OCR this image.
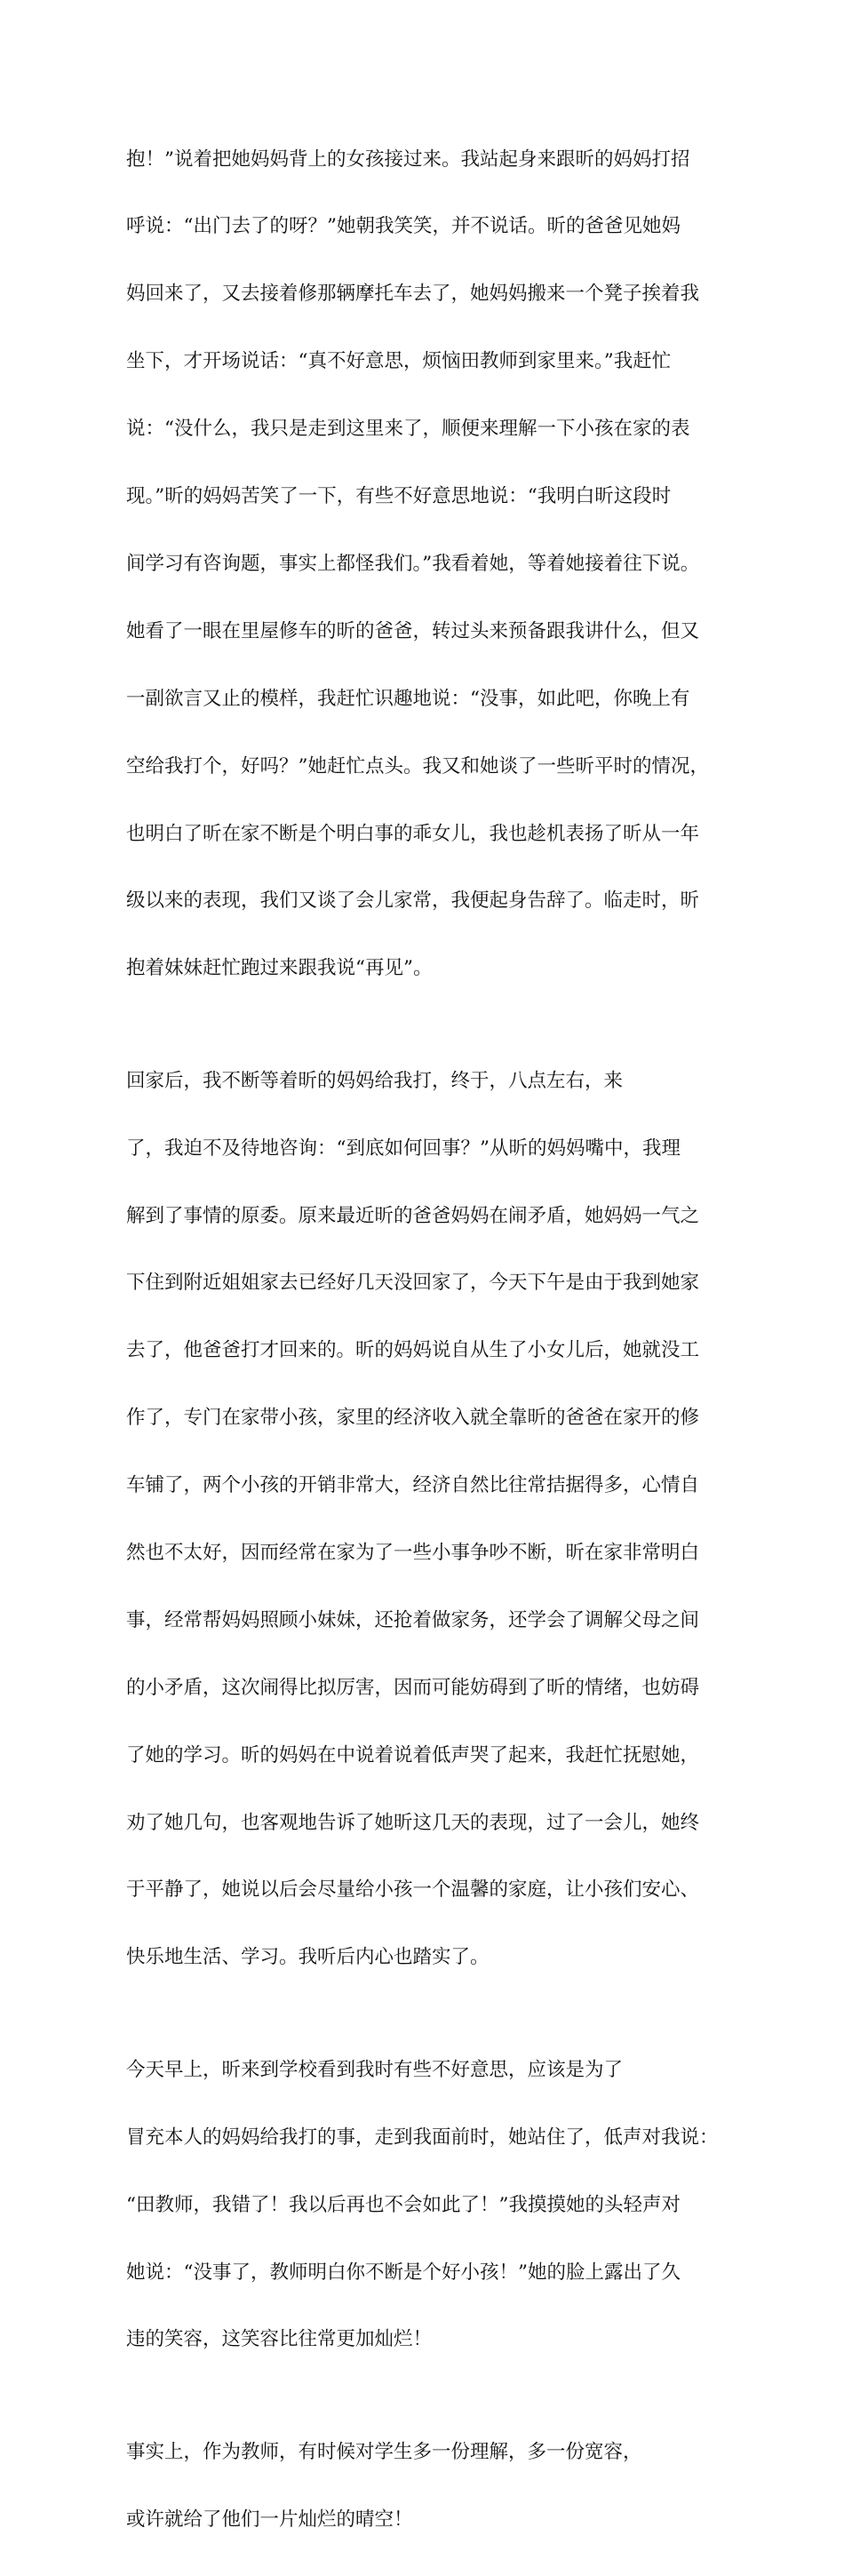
抱！”说着把她妈妈背上的女孩接过来。我站起身来跟昕的妈妈打招

呼说：“出门去了的呀？”她朝我笑笑，并不说话。昕的爸爸见她妈

妈回来了，又去接着修那辆摩托车去了，她妈妈搬来一个凳子挨着我

坐下，才开场说话：“真不好意思，烦恼田教师到家里来。”我赶忙

说：“没什么，我只是走到这里来了，顺便来理解一下小孩在家的表

现。”昕的妈妈苦笑了一下，有些不好意思地说：“我明白昕这段时

间学习有咨询题，事实上都怪我们。”我看着她，等着她接着往下说。

她看了一眼在里屋修车的昕的爸爸，转过头来预备跟我讲什么，但又

一副欲言又止的模样，我赶忙识趣地说：“没事，如此吧，你晚上有

空给我打个，好吗？”她赶忙点头。我又和她谈了一些昕平时的情况，

也明白了昕在家不断是个明白事的乖女儿，我也趁机表扬了昕从一年

级以来的表现，我们又谈了会儿家常，我便起身告辞了。临走时，昕

抱着妹妹赶忙跑过来跟我说“再见”。

回家后，我不断等着昕的妈妈给我打，终于，八点左右，来

了，我迫不及待地咨询：“到底如何回事？”从昕的妈妈嘴中，我理

解到了事情的原委。原来最近昕的爸爸妈妈在闹矛盾，她妈妈一气之

下住到附近姐姐家去已经好几天没回家了，今天下午是由于我到她家

去了，他爸爸打才回来的。昕的妈妈说自从生了小女儿后，她就没工

作了，专门在家带小孩，家里的经济收入就全靠昕的爸爸在家开的修

车铺了，两个小孩的开销非常大，经济自然比往常拮据得多，心情自

然也不太好，因而经常在家为了一些小事争吵不断，昕在家非常明白

事，经常帮妈妈照顾小妹妹，还抢着做家务，还学会了调解父母之间

的小矛盾，这次闹得比拟厉害，因而可能妨碍到了昕的情绪，也妨碍

了她的学习。昕的妈妈在中说着说着低声哭了起来，我赶忙抚慰她，

劝了她几句，也客观地告诉了她昕这几天的表现，过了一会儿，她终

于平静了，她说以后会尽量给小孩一个温馨的家庭，让小孩们安心、

快乐地生活、学习。我听后内心也踏实了。

今天早上，昕来到学校看到我时有些不好意思，应该是为了

冒充本人的妈妈给我打的事，走到我面前时，她站住了，低声对我说：

“田教师，我错了！我以后再也不会如此了！”我摸摸她的头轻声对

她说：“没事了，教师明白你不断是个好小孩！”她的脸上露出了久

违的笑容，这笑容比往常更加灿烂！

事实上，作为教师，有时候对学生多一份理解，多一份宽容，

或许就给了他们一片灿烂的晴空！
